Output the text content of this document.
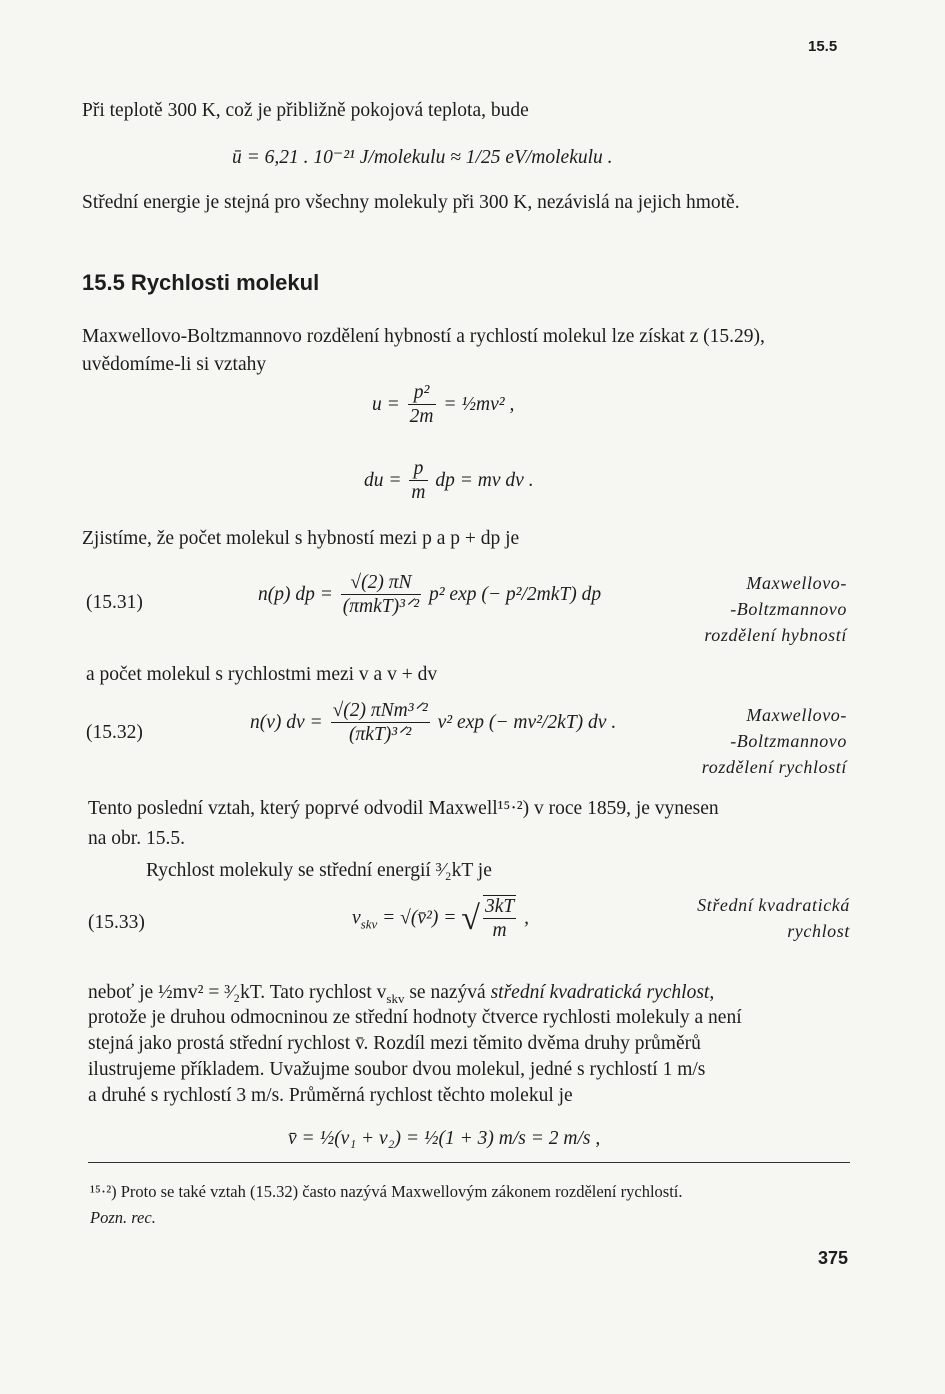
15.5
Při teplotě 300 K, což je přibližně pokojová teplota, bude
ū = 6,21 . 10⁻²¹ J/molekulu ≈ 1/25 eV/molekulu .
Střední energie je stejná pro všechny molekuly při 300 K, nezávislá na jejich hmotě.
15.5 Rychlosti molekul
Maxwellovo-Boltzmannovo rozdělení hybností a rychlostí molekul lze získat z (15.29),
uvědomíme-li si vztahy
$u = \frac{\text{p²}}{2m}$ = ½mv² ,
du = $\frac{p}{m}$ dp = mv dv .
Zjistíme, že počet molekul s hybností mezi p a p + dp je
(15.31)	n(p) dp = $\frac{√(2) \pi N}{\text{(πmkT)³ᐟ²}} p^2$ exp (− p²/2mkT) dp
Maxwellovo-
-Boltzmannovo
rozdělení hybností
a počet molekul s rychlostmi mezi v a v + dv
(15.32)	n(v) dv = $\frac{\text{√(2) πNm³ᐟ²}}{\text{(πkT)³ᐟ²}} v^2$ exp (− mv²/2kT) dv .	Maxwellovo-
-Boltzmannovo
rozdělení rychlostí
Tento poslední vztah, který poprvé odvodil Maxwell¹⁵·²) v roce 1859, je vynesen
na obr. 15.5.
Rychlost molekuly se střední energií ³⁄₂kT je
(15.33)	$v_{skv}$ = √(v̄²) = √ $\frac{3kT}{m}$ ,
Střední kvadratická
rychlost
neboť je ½mv² = ³⁄₂kT. Tato rychlost $v_{skv}$ se nazývá střední kvadratická rychlost,
protože je druhou odmocninou ze střední hodnoty čtverce rychlosti molekuly a není
stejná jako prostá střední rychlost v̄. Rozdíl mezi těmito dvěma druhy průměrů
ilustrujeme příkladem. Uvažujme soubor dvou molekul, jedné s rychlostí 1 m/s
a druhé s rychlostí 3 m/s. Průměrná rychlost těchto molekul je
v̄ = ½(v₁ + v₂) = ½(1 + 3) m/s = 2 m/s ,
¹⁵·²) Proto se také vztah (15.32) často nazývá Maxwellovým zákonem rozdělení rychlostí.
Pozn. rec.
375
